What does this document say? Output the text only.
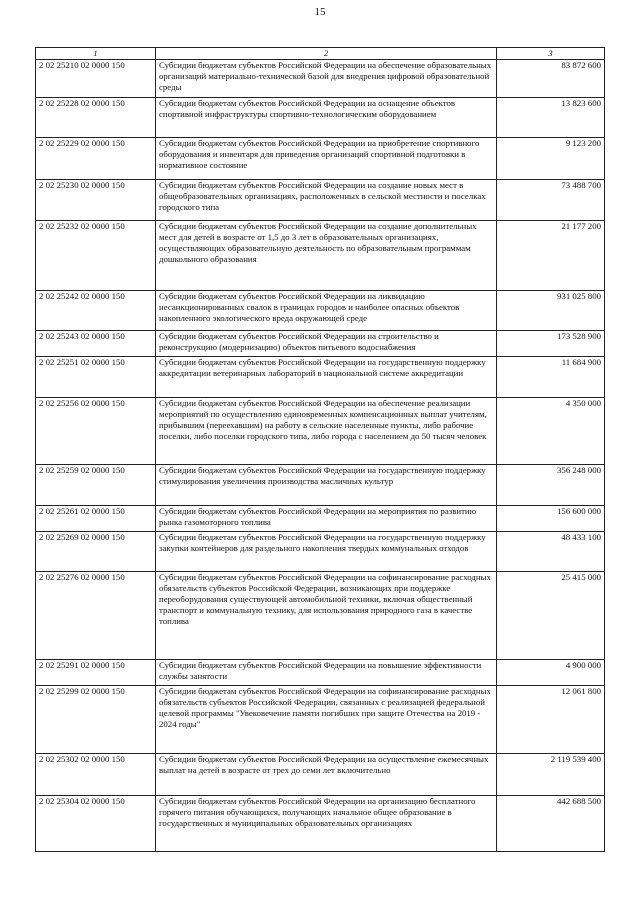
15
1	2	3
2 02 25210 02 0000 150	Субсидии бюджетам субъектов Российской Федерации на обеспечение образовательных организаций материально-технической базой для внедрения цифровой образовательной среды	83 872 600
2 02 25228 02 0000 150	Субсидии бюджетам субъектов Российской Федерации на оснащение объектов спортивной инфраструктуры спортивно-технологическим оборудованием	13 823 600
2 02 25229 02 0000 150	Субсидии бюджетам субъектов Российской Федерации на приобретение спортивного оборудования и инвентаря для приведения организаций спортивной подготовки в нормативное состояние	9 123 200
2 02 25230 02 0000 150	Субсидии бюджетам субъектов Российской Федерации на создание новых мест в общеобразовательных организациях, расположенных в сельской местности и поселках городского типа	73 488 700
2 02 25232 02 0000 150	Субсидии бюджетам субъектов Российской Федерации на создание дополнительных мест для детей в возрасте от 1,5 до 3 лет в образовательных организациях, осуществляющих образовательную деятельность по образовательным программам дошкольного образования	21 177 200
2 02 25242 02 0000 150	Субсидии бюджетам субъектов Российской Федерации на ликвидацию несанкционированных свалок в границах городов и наиболее опасных объектов накопленного экологического вреда окружающей среде	931 025 800
2 02 25243 02 0000 150	Субсидии бюджетам субъектов Российской Федерации на строительство и реконструкцию (модернизацию) объектов питьевого водоснабжения	173 528 900
2 02 25251 02 0000 150	Субсидии бюджетам субъектов Российской Федерации на государственную поддержку аккредитации ветеринарных лабораторий в национальной системе аккредитации	11 684 900
2 02 25256 02 0000 150	Субсидии бюджетам субъектов Российской Федерации на обеспечение реализации мероприятий по осуществлению единовременных компенсационных выплат учителям, прибывшим (переехавшим) на работу в сельские населенные пункты, либо рабочие поселки, либо поселки городского типа, либо города с населением до 50 тысяч человек	4 350 000
2 02 25259 02 0000 150	Субсидии бюджетам субъектов Российской Федерации на государственную поддержку стимулирования увеличения производства масличных культур	356 248 000
2 02 25261 02 0000 150	Субсидии бюджетам субъектов Российской Федерации на мероприятия по развитию рынка газомоторного топлива	156 600 000
2 02 25269 02 0000 150	Субсидии бюджетам субъектов Российской Федерации на государственную поддержку закупки контейнеров для раздельного накопления твердых коммунальных отходов	48 433 100
2 02 25276 02 0000 150	Субсидии бюджетам субъектов Российской Федерации на софинансирование расходных обязательств субъектов Российской Федерации, возникающих при поддержке переоборудования существующей автомобильной техники, включая общественный транспорт и коммунальную технику, для использования природного газа в качестве топлива	25 415 000
2 02 25291 02 0000 150	Субсидии бюджетам субъектов Российской Федерации на повышение эффективности службы занятости	4 900 000
2 02 25299 02 0000 150	Субсидии бюджетам субъектов Российской Федерации на софинансирование расходных обязательств субъектов Российской Федерации, связанных с реализацией федеральной целевой программы "Увековечение памяти погибших при защите Отечества на 2019 - 2024 годы"	12 061 800
2 02 25302 02 0000 150	Субсидии бюджетам субъектов Российской Федерации на осуществление ежемесячных выплат на детей в возрасте от трех до семи лет включительно	2 119 539 400
2 02 25304 02 0000 150	Субсидии бюджетам субъектов Российской Федерации на организацию бесплатного горячего питания обучающихся, получающих начальное общее образование в государственных и муниципальных образовательных организациях	442 688 500
